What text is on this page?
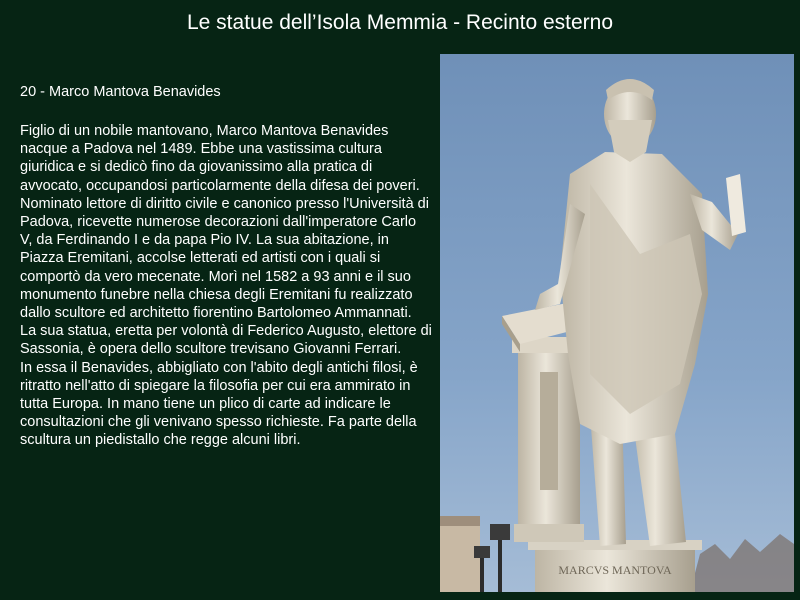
Le statue dell’Isola Memmia - Recinto esterno
20 - Marco Mantova Benavides

Figlio di un nobile mantovano, Marco Mantova Benavides nacque a Padova nel 1489. Ebbe una vastissima cultura giuridica e si dedicò fino da giovanissimo alla pratica di avvocato, occupandosi particolarmente della difesa dei poveri.

Nominato lettore di diritto civile e canonico presso l'Università di Padova, ricevette numerose decorazioni dall'imperatore Carlo V, da Ferdinando I e da papa Pio IV. La sua abitazione, in Piazza Eremitani, accolse letterati ed artisti con i quali si comportò da vero mecenate. Morì nel 1582 a 93 anni e il suo monumento funebre nella chiesa degli Eremitani fu realizzato dallo scultore ed architetto fiorentino Bartolomeo Ammannati.

La sua statua, eretta per volontà di Federico Augusto, elettore di Sassonia, è opera dello scultore trevisano Giovanni Ferrari.

In essa il Benavides, abbigliato con l'abito degli antichi filosi, è ritratto nell'atto di spiegare la filosofia per cui era ammirato in tutta Europa. In mano tiene un plico di carte ad indicare le consultazioni che gli venivano spesso richieste. Fa parte della scultura un piedistallo che regge alcuni libri.

MARCVS MANTOVA
